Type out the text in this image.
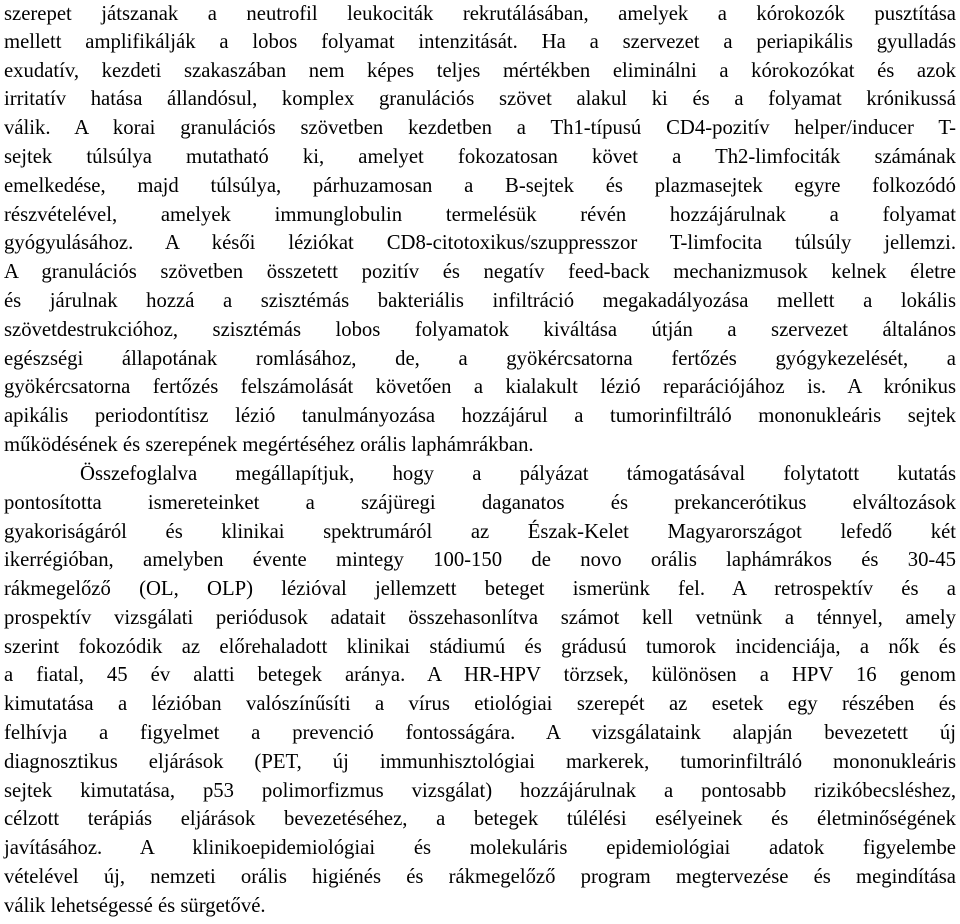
szerepet játszanak a neutrofil leukociták rekrutálásában, amelyek a kórokozók pusztítása
mellett amplifikálják a lobos folyamat intenzitását. Ha a szervezet a periapikális gyulladás
exudatív, kezdeti szakaszában nem képes teljes mértékben eliminálni a kórokozókat és azok
irritatív hatása állandósul, komplex granulációs szövet alakul ki és a folyamat krónikussá
válik. A korai granulációs szövetben kezdetben a Th1-típusú CD4-pozitív helper/inducer T-
sejtek túlsúlya mutatható ki, amelyet fokozatosan követ a Th2-limfociták számának
emelkedése, majd túlsúlya, párhuzamosan a B-sejtek és plazmasejtek egyre folkozódó
részvételével, amelyek immunglobulin termelésük révén hozzájárulnak a folyamat
gyógyulásához. A késői léziókat CD8-citotoxikus/szuppresszor T-limfocita túlsúly jellemzi.
A granulációs szövetben összetett pozitív és negatív feed-back mechanizmusok kelnek életre
és járulnak hozzá a szisztémás bakteriális infiltráció megakadályozása mellett a lokális
szövetdestrukcióhoz, szisztémás lobos folyamatok kiváltása útján a szervezet általános
egészségi állapotának romlásához, de, a gyökércsatorna fertőzés gyógykezelését, a
gyökércsatorna fertőzés felszámolását követően a kialakult lézió reparációjához is. A krónikus
apikális periodontítisz lézió tanulmányozása hozzájárul a tumorinfiltráló mononukleáris sejtek
működésének és szerepének megértéséhez orális laphámrákban.
Összefoglalva megállapítjuk, hogy a pályázat támogatásával folytatott kutatás
pontosította ismereteinket a szájüregi daganatos és prekancerótikus elváltozások
gyakoriságáról és klinikai spektrumáról az Észak-Kelet Magyarországot lefedő két
ikerrégióban, amelyben évente mintegy 100-150 de novo orális laphámrákos és 30-45
rákmegelőző (OL, OLP) lézióval jellemzett beteget ismerünk fel. A retrospektív és a
prospektív vizsgálati periódusok adatait összehasonlítva számot kell vetnünk a ténnyel, amely
szerint fokozódik az előrehaladott klinikai stádiumú és grádusú tumorok incidenciája, a nők és
a fiatal, 45 év alatti betegek aránya. A HR-HPV törzsek, különösen a HPV 16 genom
kimutatása a lézióban valószínűsíti a vírus etiológiai szerepét az esetek egy részében és
felhívja a figyelmet a prevenció fontosságára. A vizsgálataink alapján bevezetett új
diagnosztikus eljárások (PET, új immunhisztológiai markerek, tumorinfiltráló mononukleáris
sejtek kimutatása, p53 polimorfizmus vizsgálat) hozzájárulnak a pontosabb rizikóbecsléshez,
célzott terápiás eljárások bevezetéséhez, a betegek túlélési esélyeinek és életminőségének
javításához. A klinikoepidemiológiai és molekuláris epidemiológiai adatok figyelembe
vételével új, nemzeti orális higiénés és rákmegelőző program megtervezése és megindítása
válik lehetségessé és sürgetővé.
